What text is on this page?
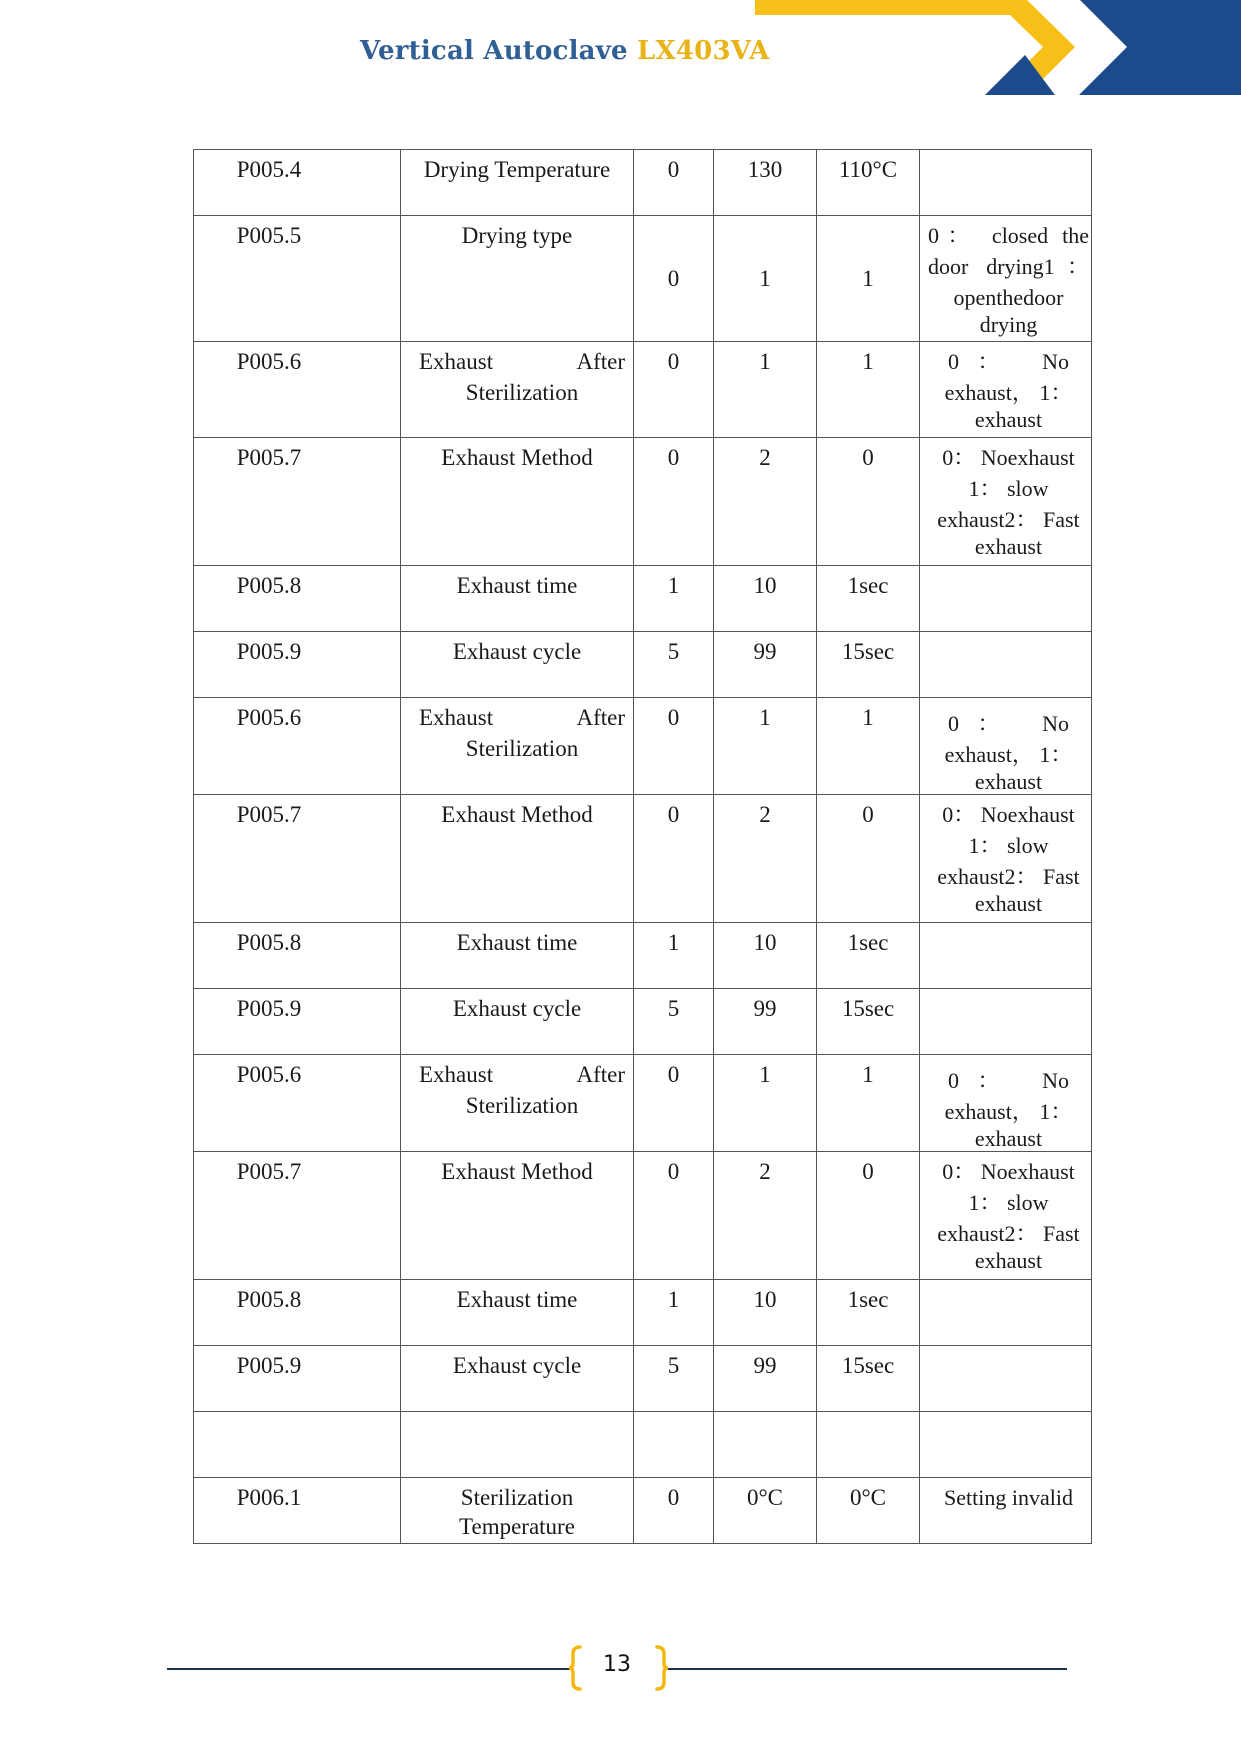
Vertical Autoclave LX403VA
P005.4	Drying Temperature	0	130	110°C	
P005.5	Drying type	0	1	1	0： closed the
door drying1：
openthedoor
drying

P005.6	Exhaust After
Sterilization	0	1	1	0： No
exhaust， 1：
exhaust

P005.7	Exhaust Method	0	2	0	0： Noexhaust
1： slow
exhaust2： Fast
exhaust

P005.8	Exhaust time	1	10	1sec	
P005.9	Exhaust cycle	5	99	15sec	
P005.6	Exhaust After
Sterilization	0	1	1	0： No
exhaust， 1：
exhaust

P005.7	Exhaust Method	0	2	0	0： Noexhaust
1： slow
exhaust2： Fast
exhaust

P005.8	Exhaust time	1	10	1sec	
P005.9	Exhaust cycle	5	99	15sec	
P005.6	Exhaust After
Sterilization	0	1	1	0： No
exhaust， 1：
exhaust

P005.7	Exhaust Method	0	2	0	0： Noexhaust
1： slow
exhaust2： Fast
exhaust

P005.8	Exhaust time	1	10	1sec	
P005.9	Exhaust cycle	5	99	15sec	

P006.1	Sterilization
Temperature	0	0°C	0°C	Setting invalid
13
